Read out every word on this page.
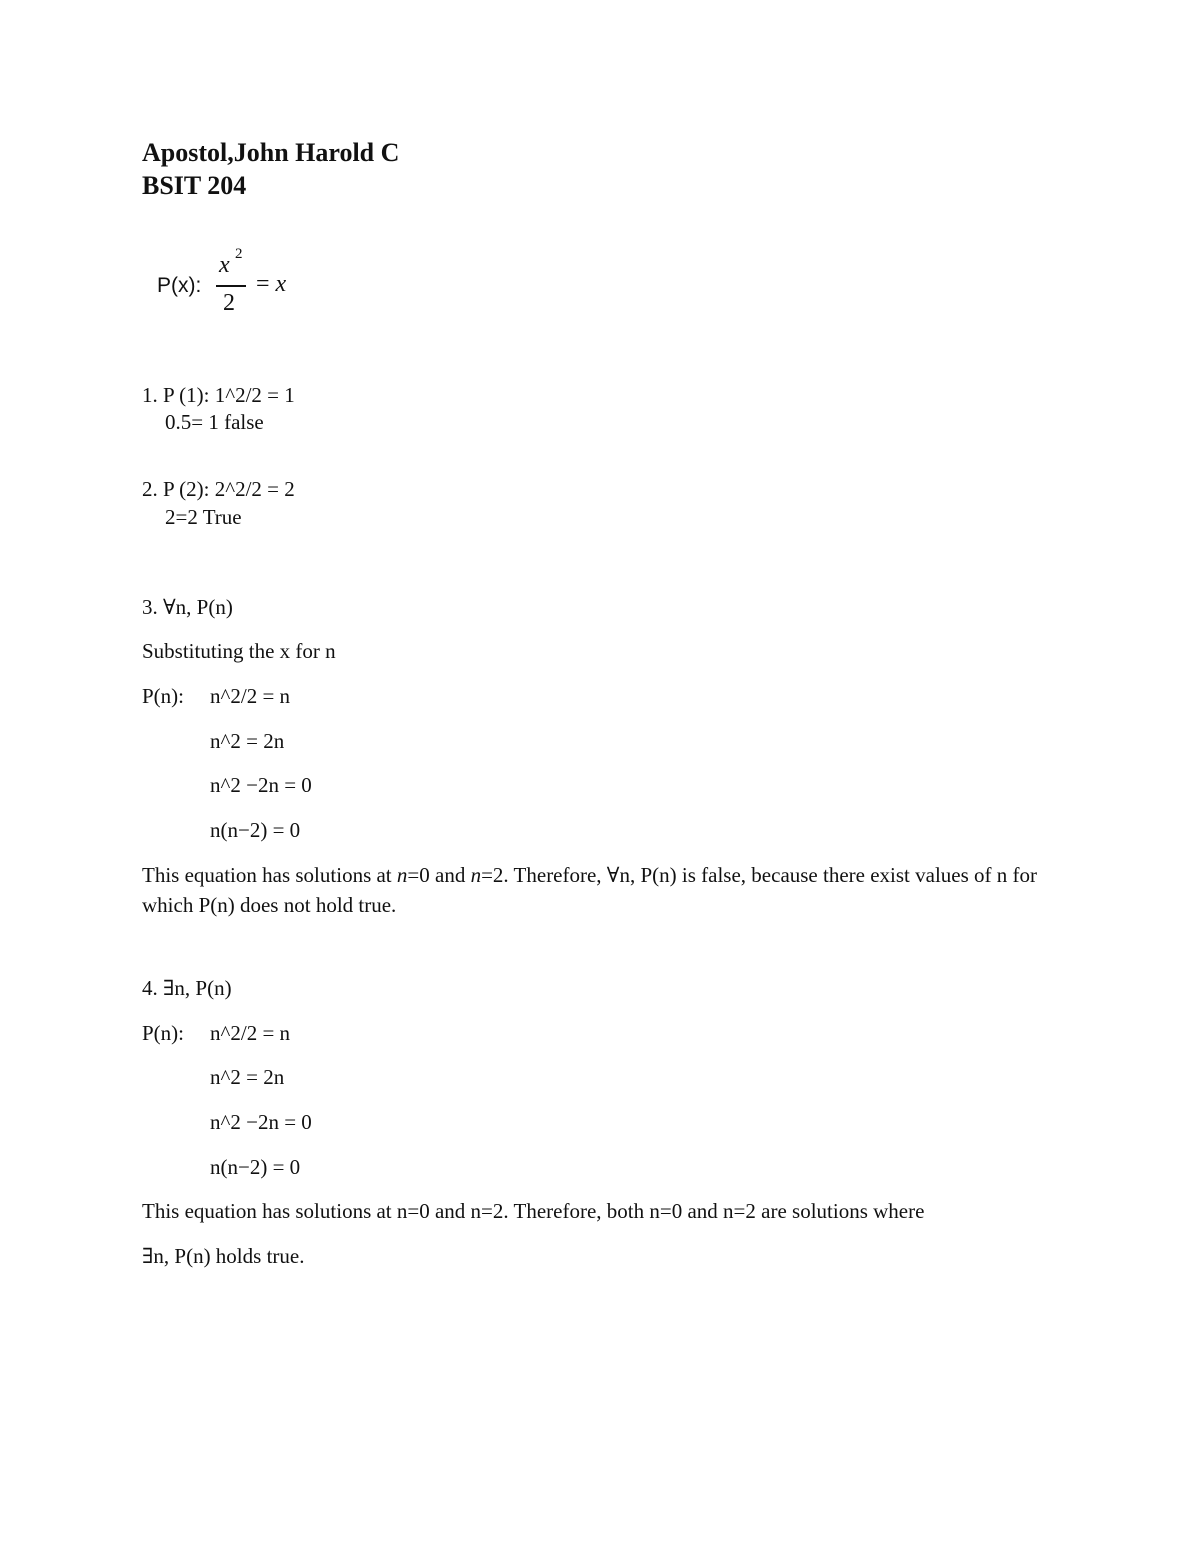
Apostol,John Harold C
BSIT 204
P(x):
x 2
2
= x
1. P (1): 1^2/2 = 1
0.5= 1 false
2. P (2): 2^2/2 = 2
2=2 True
3. ∀n, P(n)
Substituting the x for n
P(n): n^2/2 = n
n^2 = 2n
n^2 −2n = 0
n(n−2) = 0
This equation has solutions at n=0 and n=2. Therefore, ∀n, P(n) is false, because there exist values of n for which P(n) does not hold true.
4. ∃n, P(n)
P(n): n^2/2 = n
n^2 = 2n
n^2 −2n = 0
n(n−2) = 0
This equation has solutions at n=0 and n=2. Therefore, both n=0 and n=2 are solutions where
∃n, P(n) holds true.
